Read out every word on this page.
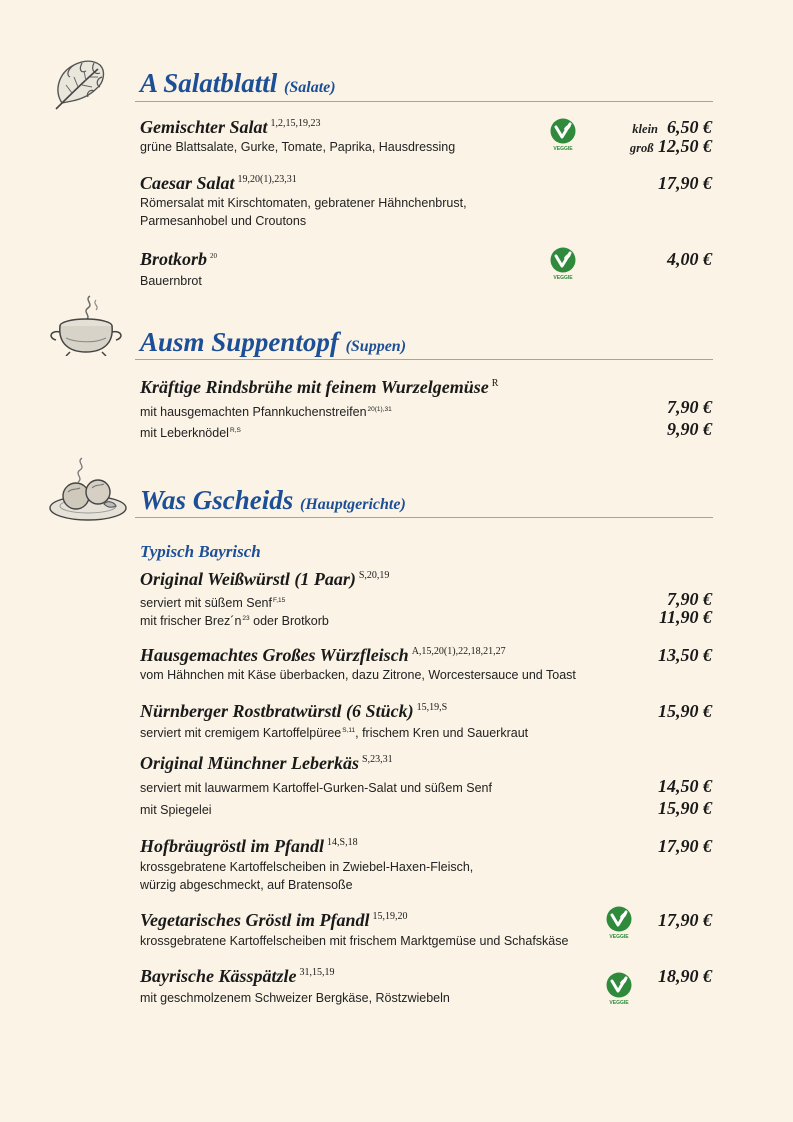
A Salatblattl (Salate)
Gemischter Salat $^{1,2,15,19,23}$
grüne Blattsalate, Gurke, Tomate, Paprika, Hausdressing
klein 6,50 €
groß 12,50 €
VEGGIE
Caesar Salat $^{19,20(1),23,31}$
Römersalat mit Kirschtomaten, gebratener Hähnchenbrust,
Parmesanhobel und Croutons
17,90 €
Brotkorb $^{20}$
Bauernbrot
4,00 €
VEGGIE
Ausm Suppentopf (Suppen)
Kräftige Rindsbrühe mit feinem Wurzelgemüse $^R$
mit hausgemachten Pfannkuchenstreifen$^{20(1),31}$	7,90 €
mit Leberknödel$^{R,S}$	9,90 €
Was Gscheids (Hauptgerichte)
Typisch Bayrisch
Original Weißwürstl (1 Paar) $^{S,20,19}$
serviert mit süßem Senf$^{F,15}$	7,90 €
mit frischer $Brez´n^{23}$ oder Brotkorb	11,90 €
Hausgemachtes Großes Würzfleisch $^{A,15,20(1),22,18,21,27}$
vom Hähnchen mit Käse überbacken, dazu Zitrone, Worcestersauce und Toast
13,50 €
Nürnberger Rostbratwürstl (6 Stück) $^{15,19,S}$
serviert mit cremigem Kartoffelpüree$^{S,11}$, frischem Kren und Sauerkraut
15,90 €
Original Münchner Leberkäs $^{S,23,31}$
serviert mit lauwarmem Kartoffel-Gurken-Salat und süßem Senf	14,50 €
mit Spiegelei	15,90 €
Hofbräugröstl im Pfandl $^{14,S,18}$
krossgebratene Kartoffelscheiben in Zwiebel-Haxen-Fleisch,
würzig abgeschmeckt, auf Bratensoße
17,90 €
Vegetarisches Gröstl im Pfandl $^{15,19,20}$
krossgebratene Kartoffelscheiben mit frischem Marktgemüse und Schafskäse
17,90 €
VEGGIE
Bayrische Kässpätzle $^{31,15,19}$
mit geschmolzenem Schweizer Bergkäse, Röstzwiebeln
18,90 €
VEGGIE
